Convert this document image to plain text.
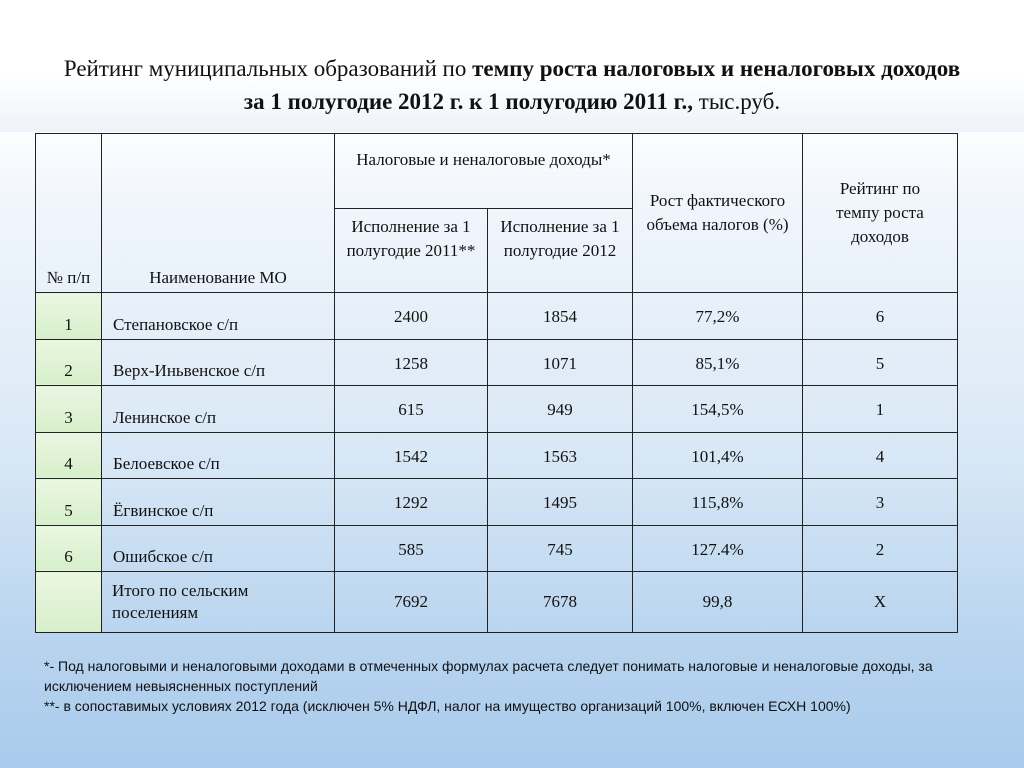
Рейтинг муниципальных образований по темпу роста налоговых и неналоговых доходов
за 1 полугодие 2012 г. к 1 полугодию 2011 г., тыс.руб.
№ п/п	Наименование МО	Налоговые и неналоговые доходы*		Рост фактического объема налогов (%)	Рейтинг по темпу роста доходов
		Исполнение за 1 полугодие 2011**	Исполнение за 1 полугодие 2012		
1	Степановское с/п	2400	1854	77,2%	6
2	Верх-Иньвенское с/п	1258	1071	85,1%	5
3	Ленинское с/п	615	949	154,5%	1
4	Белоевское с/п	1542	1563	101,4%	4
5	Ёгвинское с/п	1292	1495	115,8%	3
6	Ошибское с/п	585	745	127.4%	2
	Итого по сельским поселениям	7692	7678	99,8	Х
*- Под налоговыми и неналоговыми доходами в отмеченных формулах расчета следует понимать налоговые и неналоговые доходы, за исключением невыясненных поступлений
**- в сопоставимых условиях 2012 года (исключен 5% НДФЛ, налог на имущество организаций 100%, включен ЕСХН 100%)
